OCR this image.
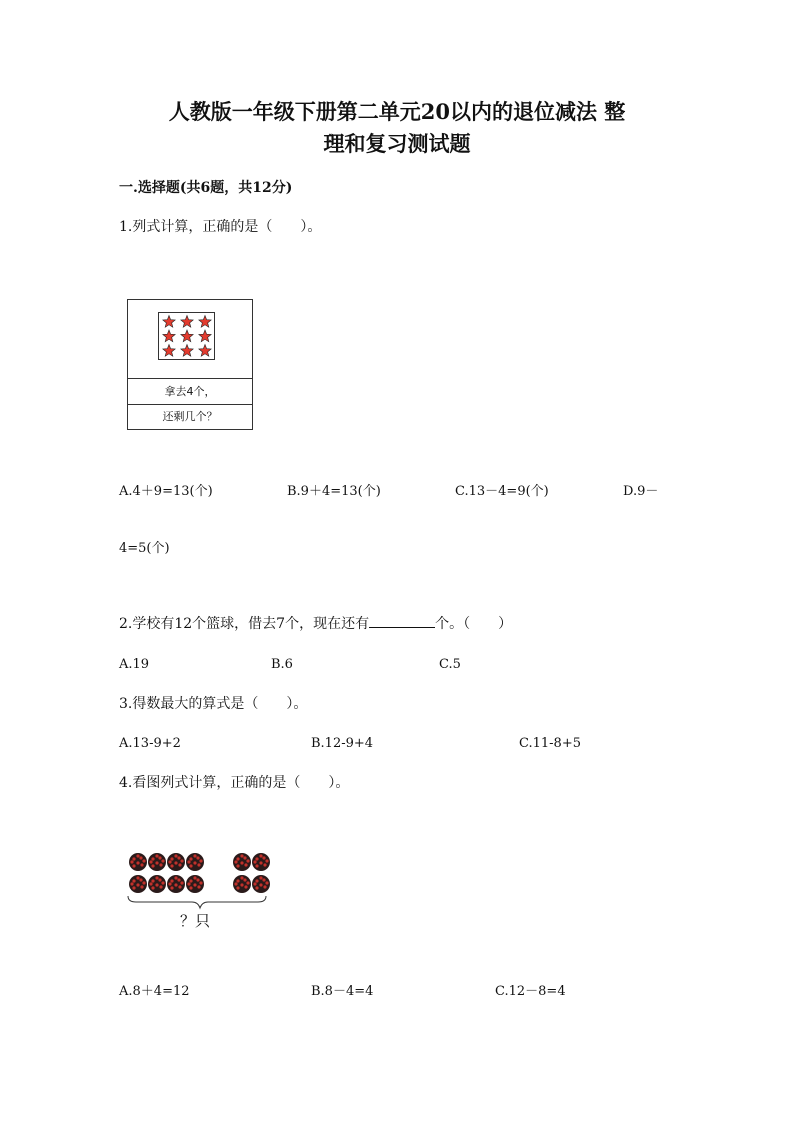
人教版一年级下册第二单元20以内的退位减法 整
理和复习测试题
一.选择题(共6题，共12分)
1.列式计算，正确的是（　　）。
拿去4个，
还剩几个？
A.4＋9=13(个)	B.9＋4=13(个)	C.13－4=9(个)	D.9－
4=5(个)
2.学校有12个篮球，借去7个，现在还有	个。（　　）
A.19	B.6	C.5
3.得数最大的算式是（　　）。
A.13-9+2	B.12-9+4	C.11-8+5
4.看图列式计算，正确的是（　　）。
？只
A.8＋4=12	B.8－4=4	C.12－8=4
